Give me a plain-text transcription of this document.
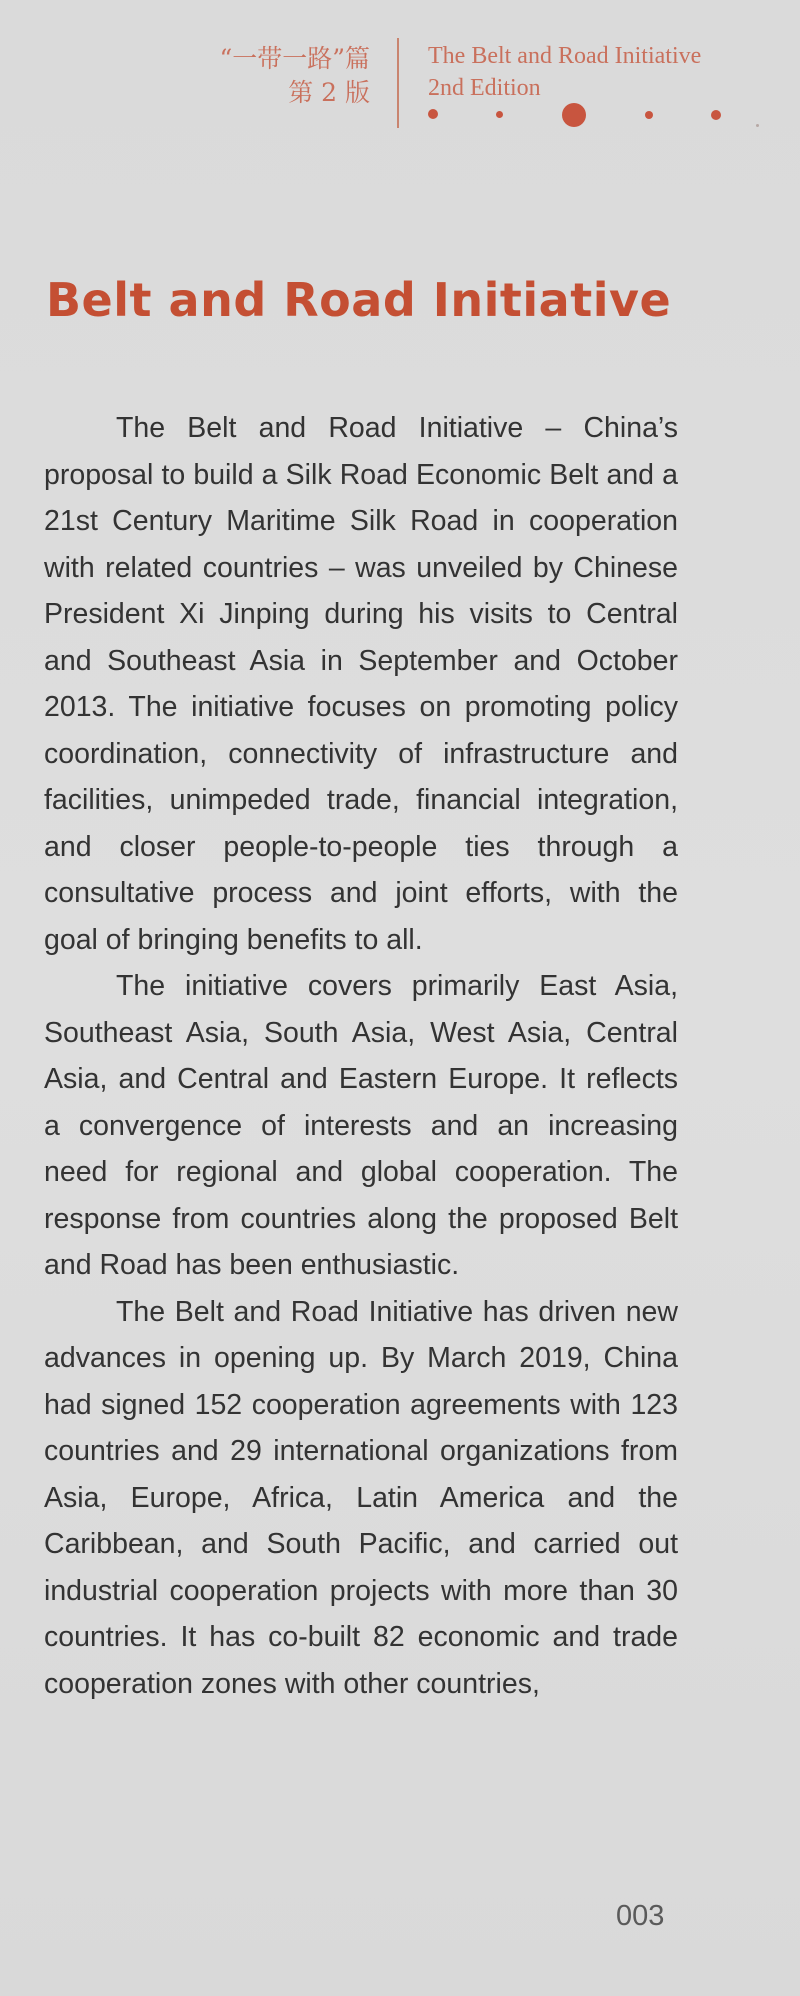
“一带一路”篇
第 2 版
The Belt and Road Initiative
2nd Edition
Belt and Road Initiative

The Belt and Road Initiative – China’s proposal to build a Silk Road Economic Belt and a 21st Century Maritime Silk Road in cooperation with related countries – was unveiled by Chinese President Xi Jinping during his visits to Central and Southeast Asia in September and October 2013. The initiative focuses on promoting policy coordination, connectivity of infrastructure and facilities, unimpeded trade, financial integration, and closer people-to-people ties through a consultative process and joint efforts, with the goal of bringing benefits to all.

The initiative covers primarily East Asia, Southeast Asia, South Asia, West Asia, Central Asia, and Central and Eastern Europe. It reflects a convergence of interests and an increasing need for regional and global cooperation. The response from countries along the proposed Belt and Road has been enthusiastic.

The Belt and Road Initiative has driven new advances in opening up. By March 2019, China had signed 152 cooperation agreements with 123 countries and 29 international organizations from Asia, Europe, Africa, Latin America and the Caribbean, and South Pacific, and carried out industrial cooperation projects with more than 30 countries. It has co-built 82 economic and trade cooperation zones with other countries,

003
